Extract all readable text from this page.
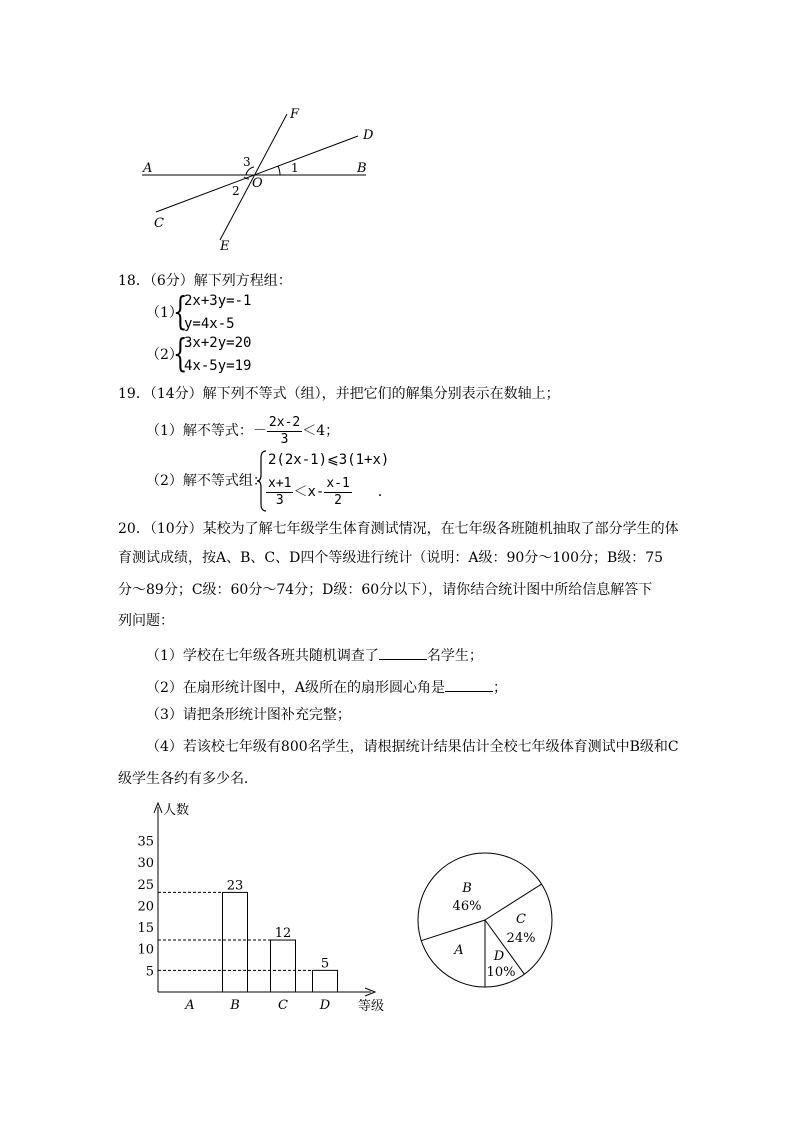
F
D
A	B
O
C
E
1
2
3
18．（6分）解下列方程组：
（1）
{
2x+3y=-1
y=4x-5
（2）
{
3x+2y=20
4x-5y=19
19．（14分）解下列不等式（组），并把它们的解集分别表示在数轴上；
（1）解不等式：－ $\frac{2x-2}{3} <4$；
（2）解不等式组：
2(2x-1)⩽3(1+x)
$\frac{x+1}{3} <x- \frac{x-1}{2}$ ．
20．（10分）某校为了解七年级学生体育测试情况，在七年级各班随机抽取了部分学生的体
育测试成绩，按A、B、C、D四个等级进行统计（说明：A级：90分～100分；B级：75
分～89分；C级：60分～74分；D级：60分以下），请你结合统计图中所给信息解答下
列问题：
（1）学校在七年级各班共随机调查了	名学生；
（2）在扇形统计图中，A级所在的扇形圆心角是	；
（3）请把条形统计图补充完整；
（4）若该校七年级有800名学生，请根据统计结果估计全校七年级体育测试中B级和C
级学生各约有多少名．
人数
等级
5
10
15
20
25
30
35
A	B
23
C
12
D
5
B
46%
C
24%
D
10%
A
